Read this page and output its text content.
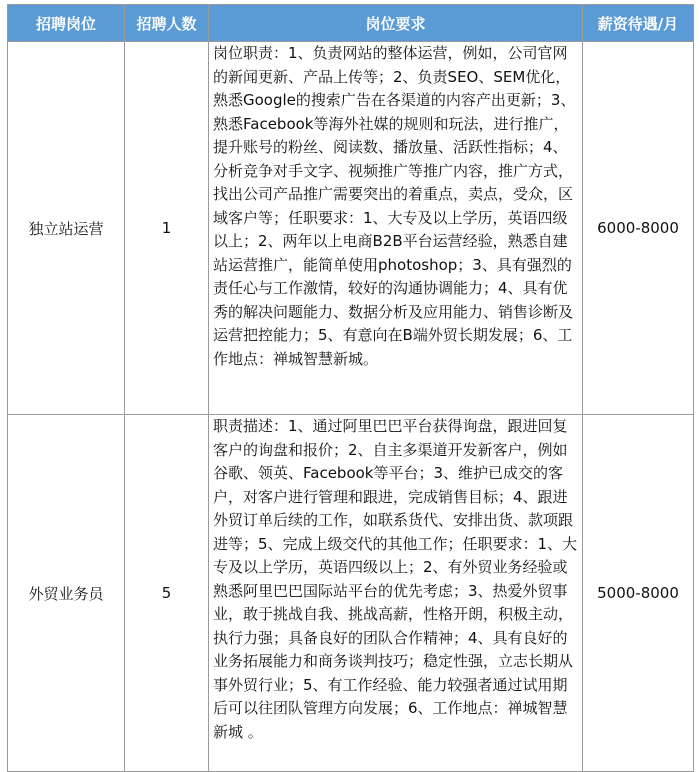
招聘岗位	招聘人数	岗位要求	薪资待遇/月
独立站运营	1	岗位职责：1、负责网站的整体运营，例如，公司官网的新闻更新、产品上传等；2、负责SEO、SEM优化，熟悉Google的搜索广告在各渠道的内容产出更新；3、熟悉Facebook等海外社媒的规则和玩法，进行推广，提升账号的粉丝、阅读数、播放量、活跃性指标；4、分析竞争对手文字、视频推广等推广内容，推广方式，找出公司产品推广需要突出的着重点，卖点，受众，区域客户等；任职要求：1、大专及以上学历，英语四级以上；2、两年以上电商B2B平台运营经验，熟悉自建站运营推广，能简单使用photoshop；3、具有强烈的责任心与工作激情，较好的沟通协调能力；4、具有优秀的解决问题能力、数据分析及应用能力、销售诊断及运营把控能力；5、有意向在B端外贸长期发展；6、工作地点：禅城智慧新城。	6000-8000
外贸业务员	5	职责描述：1、通过阿里巴巴平台获得询盘，跟进回复客户的询盘和报价；2、自主多渠道开发新客户，例如谷歌、领英、Facebook等平台；3、维护已成交的客户，对客户进行管理和跟进，完成销售目标；4、跟进外贸订单后续的工作，如联系货代、安排出货、款项跟进等；5、完成上级交代的其他工作；任职要求：1、大专及以上学历，英语四级以上；2、有外贸业务经验或熟悉阿里巴巴国际站平台的优先考虑；3、热爱外贸事业，敢于挑战自我、挑战高薪，性格开朗，积极主动，执行力强；具备良好的团队合作精神；4、具有良好的业务拓展能力和商务谈判技巧；稳定性强，立志长期从事外贸行业；5、有工作经验、能力较强者通过试用期后可以往团队管理方向发展；6、工作地点：禅城智慧新城 。	5000-8000
